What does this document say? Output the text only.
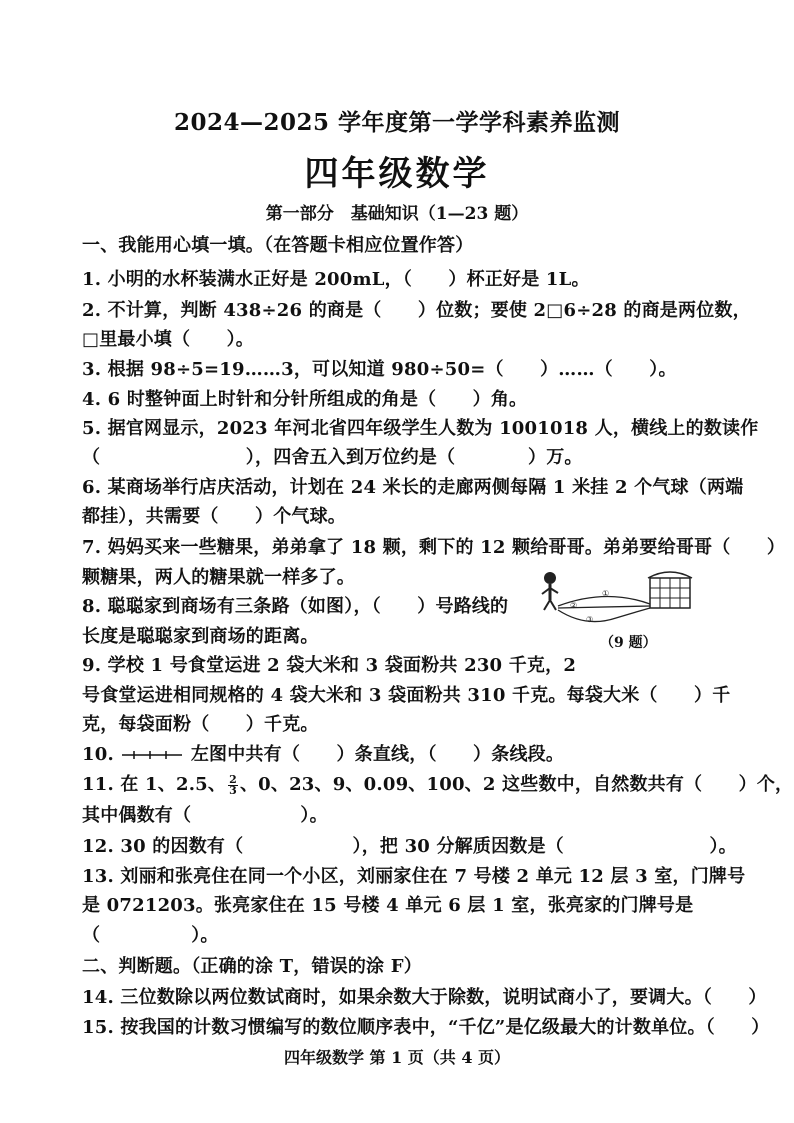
2024—2025 学年度第一学学科素养监测
四年级数学
第一部分　基础知识（1—23 题）
一、我能用心填一填。（在答题卡相应位置作答）
1. 小明的水杯装满水正好是 200mL，（　　）杯正好是 1L。
2. 不计算，判断 438÷26 的商是（　　）位数；要使 2□6÷28 的商是两位数，
□里最小填（　　）。
3. 根据 98÷5=19……3，可以知道 980÷50=（　　）……（　　）。
4. 6 时整钟面上时针和分针所组成的角是（　　）角。
5. 据官网显示，2023 年河北省四年级学生人数为 1001018 人，横线上的数读作
（　　　　　　　　），四舍五入到万位约是（　　　　）万。
6. 某商场举行店庆活动，计划在 24 米长的走廊两侧每隔 1 米挂 2 个气球（两端
都挂），共需要（　　）个气球。
7. 妈妈买来一些糖果，弟弟拿了 18 颗，剩下的 12 颗给哥哥。弟弟要给哥哥（　　）
颗糖果，两人的糖果就一样多了。
8. 聪聪家到商场有三条路（如图），（　　）号路线的
长度是聪聪家到商场的距离。
9. 学校 1 号食堂运进 2 袋大米和 3 袋面粉共 230 千克，2
号食堂运进相同规格的 4 袋大米和 3 袋面粉共 310 千克。每袋大米（　　）千
克，每袋面粉（　　）千克。
10.	左图中共有（　　）条直线，（　　）条线段。
11. 在 1、2.5、 $\frac{2}{3}$ 、0、23、9、0.09、100、2 这些数中，自然数共有（　　）个，
其中偶数有（　　　　　　）。
12. 30 的因数有（　　　　　　），把 30 分解质因数是（　　　　　　　　）。
13. 刘丽和张亮住在同一个小区，刘丽家住在 7 号楼 2 单元 12 层 3 室，门牌号
是 0721203。张亮家住在 15 号楼 4 单元 6 层 1 室，张亮家的门牌号是
（　　　　　）。
二、判断题。（正确的涂 T，错误的涂 F）
14. 三位数除以两位数试商时，如果余数大于除数，说明试商小了，要调大。（　　）
15. 按我国的计数习惯编写的数位顺序表中，“千亿”是亿级最大的计数单位。（　　）
①
②
③
（9 题）
四年级数学 第 1 页（共 4 页）
